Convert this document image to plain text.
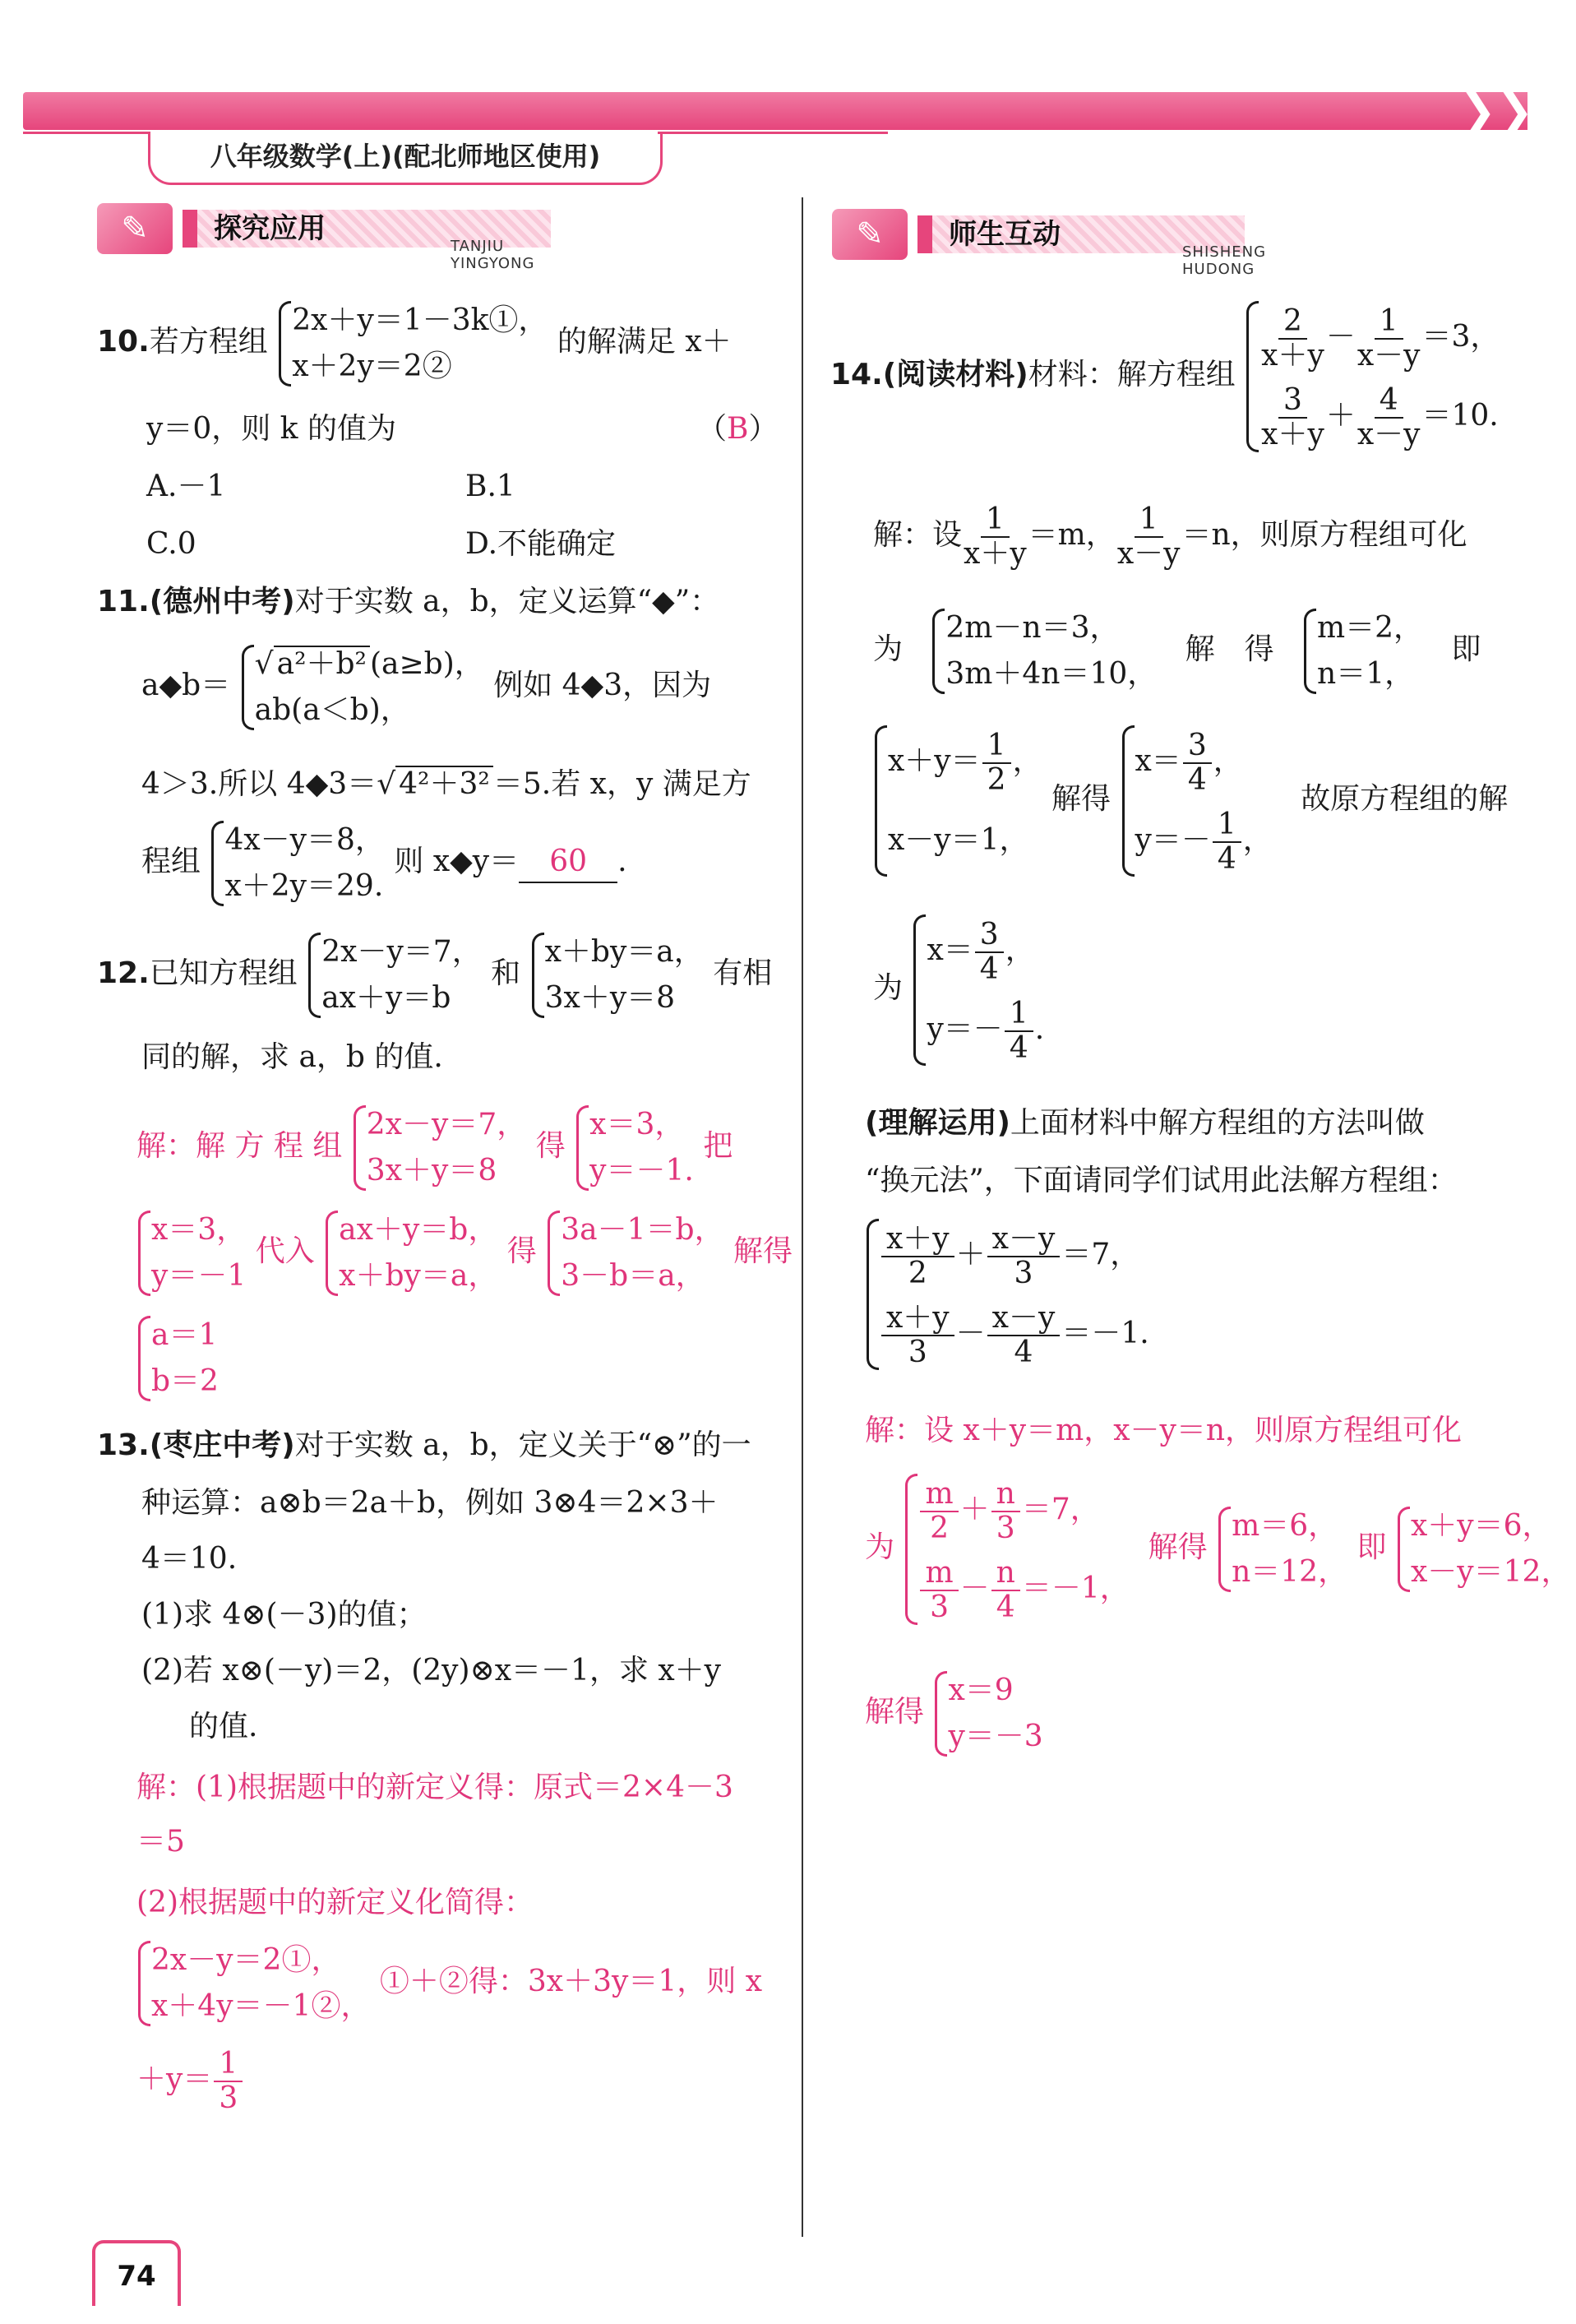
❯❯❯
八年级数学(上)(配北师地区使用)
✎	探究应用
TANJIU YINGYONG
✎	师生互动
SHISHENG HUDONG
10.若方程组
2x＋y＝1－3k①，
x＋2y＝2②
的解满足 x＋
y＝0，则 k 的值为	（B）
A.－1	B.1
C.0	D.不能确定
11.(德州中考)对于实数 a，b，定义运算“◆”：
a◆b＝
√ a²＋b² (a≥b)，
ab(a＜b)，
例如 4◆3，因为
4＞3.所以 4◆3＝√ 4²＋3² ＝5.若 x，y 满足方
程组
4x－y＝8，
x＋2y＝29.
则 x◆y＝ 60 .
12.已知方程组
2x－y＝7，
ax＋y＝b
和
x＋by＝a，
3x＋y＝8
有相
同的解，求 a，b 的值.
解：解 方 程 组
2x－y＝7，
3x＋y＝8
得
x＝3，
y＝－1.
把
x＝3，
y＝－1
代入
ax＋y＝b，
x＋by＝a，
得
3a－1＝b，
3－b＝a，
解得
a＝1
b＝2
13.(枣庄中考)对于实数 a，b，定义关于“⊗”的一
种运算：a⊗b＝2a＋b，例如 3⊗4＝2×3＋
4＝10.
(1)求 4⊗(－3)的值；
(2)若 x⊗(－y)＝2，(2y)⊗x＝－1，求 x＋y
的值.
解：(1)根据题中的新定义得：原式＝2×4－3
＝5
(2)根据题中的新定义化简得：
2x－y＝2①，
x＋4y＝－1②，
①＋②得：3x＋3y＝1，则 x
$+y= \frac{1}{3}$
14.(阅读材料)材料：解方程组
$\frac{2}{x+y} - \frac{1}{x-y} =3$，
$\frac{3}{x+y} + \frac{4}{x-y} =10$.
解：设 $\frac{1}{x+y} =m$， $\frac{1}{x-y} =n$，则原方程组可化
为
2m－n＝3，
3m＋4n＝10，
解　得
m＝2，
n＝1，
即
$x+y= \frac{1}{2}$ ，
x－y＝1，
解得
$x= \frac{3}{4}$ ，
$y=- \frac{1}{4}$ ，
故原方程组的解
为
$x= \frac{3}{4}$ ，
$y=- \frac{1}{4}$ .
(理解运用)上面材料中解方程组的方法叫做
“换元法”，下面请同学们试用此法解方程组：
$\frac{x+y}{2} + \frac{x-y}{3} =7$，
$\frac{x+y}{3} - \frac{x-y}{4} =-1$.
解：设 x＋y＝m，x－y＝n，则原方程组可化
为
$\frac{m}{2} + \frac{n}{3} =7$，
$\frac{m}{3} - \frac{n}{4} =-1$，
解得
m＝6，
n＝12，
即
x＋y＝6，
x－y＝12，
解得
x＝9
y＝－3
74
